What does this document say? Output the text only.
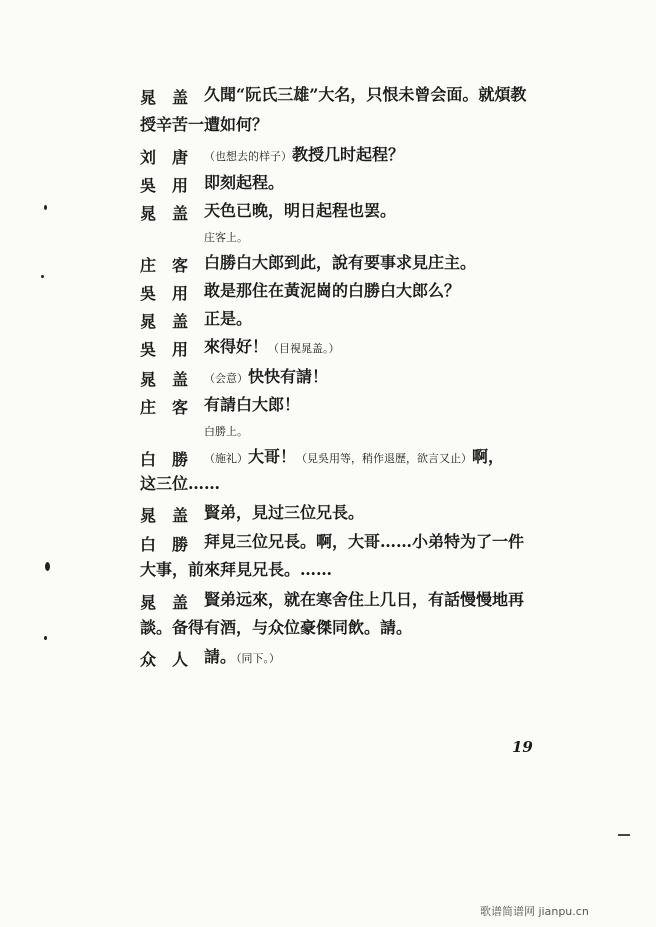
晁 盖 久聞“阮氏三雄”大名，只恨未曾会面。就煩教
授辛苦一遭如何？
刘 唐 （也想去的样子）教授几时起程？
吳 用 即刻起程。
晁 盖 天色已晚，明日起程也罢。
庄客上。
庄 客 白勝白大郎到此，說有要事求見庄主。
吳 用 敢是那住在黃泥崗的白勝白大郎么？
晁 盖 正是。
吳 用 來得好！（目視晁盖。）
晁 盖 （会意）快快有請！
庄 客 有請白大郎！
白勝上。
白 勝 （施礼）大哥！（見吳用等，稍作退歷，欲言又止）啊，
这三位……
晁 盖 賢弟，見过三位兄長。
白 勝 拜見三位兄長。啊，大哥……小弟特为了一件
大事，前來拜見兄長。……
晁 盖 賢弟远來，就在寒舍住上几日，有話慢慢地再
談。备得有酒，与众位豪傑同飲。請。
众 人 請。（同下。）
19
歌谱简谱网 jianpu.cn
